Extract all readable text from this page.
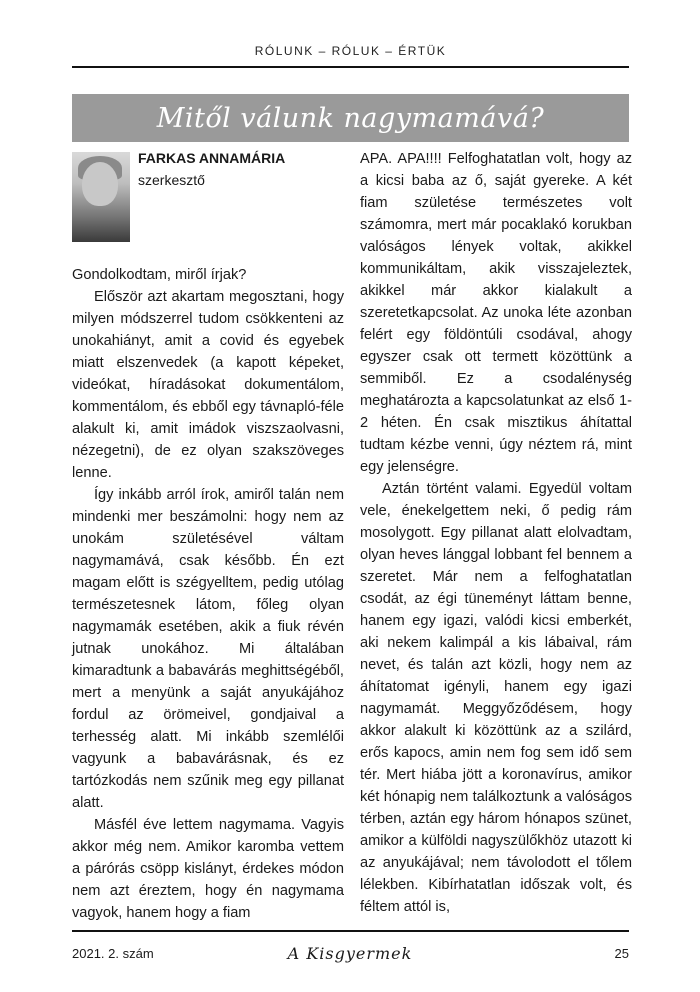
RÓLUNK – RÓLUK – ÉRTÜK
Mitől válunk nagymamává?
FARKAS ANNAMÁRIA
szerkesztő

Gondolkodtam, miről írjak?

Először azt akartam megosztani, hogy milyen módszerrel tudom csökkenteni az unokahiányt, amit a covid és egyebek miatt elszenvedek (a kapott képeket, videókat, híradásokat dokumentálom, kommentálom, és ebből egy távnapló-féle alakult ki, amit imádok viszszaolvasni, nézegetni), de ez olyan szakszöveges lenne.

Így inkább arról írok, amiről talán nem mindenki mer beszámolni: hogy nem az unokám születésével váltam nagymamává, csak később. Én ezt magam előtt is szégyelltem, pedig utólag természetesnek látom, főleg olyan nagymamák esetében, akik a fiuk révén jutnak unokához. Mi általában kimaradtunk a babavárás meghittségéből, mert a menyünk a saját anyukájához fordul az örömeivel, gondjaival a terhesség alatt. Mi inkább szemlélői vagyunk a babavárásnak, és ez tartózkodás nem szűnik meg egy pillanat alatt.

Másfél éve lettem nagymama. Vagyis akkor még nem. Amikor karomba vettem a párórás csöpp kislányt, érdekes módon nem azt éreztem, hogy én nagymama vagyok, hanem hogy a fiam

APA. APA!!!! Felfoghatatlan volt, hogy az a kicsi baba az ő, saját gyereke. A két fiam születése természetes volt számomra, mert már pocaklakó korukban valóságos lények voltak, akikkel kommunikáltam, akik visszajeleztek, akikkel már akkor kialakult a szeretetkapcsolat. Az unoka léte azonban felért egy földöntúli csodával, ahogy egyszer csak ott termett közöttünk a semmiből. Ez a csodalénység meghatározta a kapcsolatunkat az első 1-2 héten. Én csak misztikus áhítattal tudtam kézbe venni, úgy néztem rá, mint egy jelenségre.

Aztán történt valami. Egyedül voltam vele, énekelgettem neki, ő pedig rám mosolygott. Egy pillanat alatt elolvadtam, olyan heves lánggal lobbant fel bennem a szeretet. Már nem a felfoghatatlan csodát, az égi tüneményt láttam benne, hanem egy igazi, valódi kicsi emberkét, aki nekem kalimpál a kis lábaival, rám nevet, és talán azt közli, hogy nem az áhítatomat igényli, hanem egy igazi nagymamát. Meggyőződésem, hogy akkor alakult ki közöttünk az a szilárd, erős kapocs, amin nem fog sem idő sem tér. Mert hiába jött a koronavírus, amikor két hónapig nem találkoztunk a valóságos térben, aztán egy három hónapos szünet, amikor a külföldi nagyszülőkhöz utazott ki az anyukájával; nem távolodott el tőlem lélekben. Kibírhatatlan időszak volt, és féltem attól is,

2021. 2. szám	A Kisgyermek	25
